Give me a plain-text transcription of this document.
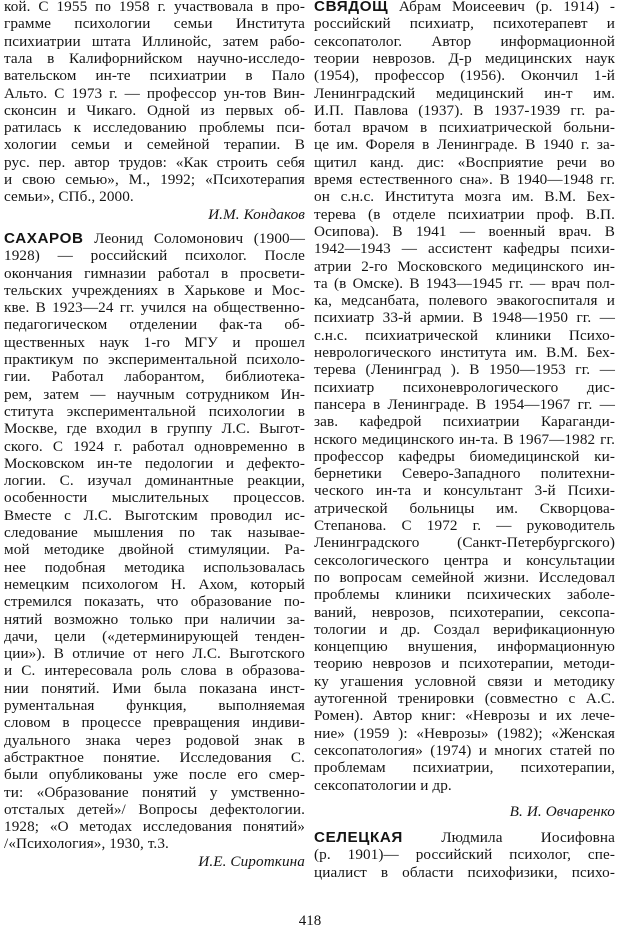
кой. С 1955 по 1958 г. участвовала в про-
грамме психологии семьи Института
психиатрии штата Иллинойс, затем рабо-
тала в Калифорнийском научно-исследо-
вательском ин-те психиатрии в Пало
Альто. С 1973 г. — профессор ун-тов Вин-
сконсин и Чикаго. Одной из первых об-
ратилась к исследованию проблемы пси-
хологии семьи и семейной терапии. В
рус. пер. автор трудов: «Как строить себя
и свою семью», М., 1992; «Психотерапия
семьи», СПб., 2000.
И.М. Кондаков
САХАРОВ Леонид Соломонович (1900—
1928) — российский психолог. После
окончания гимназии работал в просвети-
тельских учреждениях в Харькове и Мос-
кве. В 1923—24 гг. учился на общественно-
педагогическом отделении фак-та об-
щественных наук 1-го МГУ и прошел
практикум по экспериментальной психоло-
гии. Работал лаборантом, библиотека-
рем, затем — научным сотрудником Ин-
ститута экспериментальной психологии в
Москве, где входил в группу Л.С. Выгот-
ского. С 1924 г. работал одновременно в
Московском ин-те педологии и дефекто-
логии. С. изучал доминантные реакции,
особенности мыслительных процессов.
Вместе с Л.С. Выготским проводил ис-
следование мышления по так называе-
мой методике двойной стимуляции. Ра-
нее подобная методика использовалась
немецким психологом Н. Ахом, который
стремился показать, что образование по-
нятий возможно только при наличии за-
дачи, цели («детерминирующей тенден-
ции»). В отличие от него Л.С. Выготского
и С. интересовала роль слова в образова-
нии понятий. Ими была показана инст-
рументальная функция, выполняемая
словом в процессе превращения индиви-
дуального знака через родовой знак в
абстрактное понятие. Исследования С.
были опубликованы уже после его смер-
ти: «Образование понятий у умственно-
отсталых детей»/ Вопросы дефектологии.
1928; «О методах исследования понятий»
/«Психология», 1930, т.3.
И.Е. Сироткина
СВЯДОЩ Абрам Моисеевич (р. 1914) -
российский психиатр, психотерапевт и
сексопатолог. Автор информационной
теории неврозов. Д-р медицинских наук
(1954), профессор (1956). Окончил 1-й
Ленинградский медицинский ин-т им.
И.П. Павлова (1937). В 1937-1939 гг. ра-
ботал врачом в психиатрической больни-
це им. Фореля в Ленинграде. В 1940 г. за-
щитил канд. дис: «Восприятие речи во
время естественного сна». В 1940—1948 гг.
он с.н.с. Института мозга им. В.М. Бех-
терева (в отделе психиатрии проф. В.П.
Осипова). В 1941 — военный врач. В
1942—1943 — ассистент кафедры психи-
атрии 2-го Московского медицинского ин-
та (в Омске). В 1943—1945 гг. — врач пол-
ка, медсанбата, полевого эвакогоспиталя и
психиатр 33-й армии. В 1948—1950 гг. —
с.н.с. психиатрической клиники Психо-
неврологического института им. В.М. Бех-
терева (Ленинград ). В 1950—1953 гг. —
психиатр психоневрологического дис-
пансера в Ленинграде. В 1954—1967 гг. —
зав. кафедрой психиатрии Караганди-
нского медицинского ин-та. В 1967—1982 гг.
профессор кафедры биомедицинской ки-
бернетики Северо-Западного политехни-
ческого ин-та и консультант 3-й Психи-
атрической больницы им. Скворцова-
Степанова. С 1972 г. — руководитель
Ленинградского (Санкт-Петербургского)
сексологического центра и консультации
по вопросам семейной жизни. Исследовал
проблемы клиники психических заболе-
ваний, неврозов, психотерапии, сексопа-
тологии и др. Создал верификационную
концепцию внушения, информационную
теорию неврозов и психотерапии, методи-
ку угашения условной связи и методику
аутогенной тренировки (совместно с А.С.
Ромен). Автор книг: «Неврозы и их лече-
ние» (1959 ): «Неврозы» (1982); «Женская
сексопатология» (1974) и многих статей по
проблемам психиатрии, психотерапии,
сексопатологии и др.
В. И. Овчаренко
СЕЛЕЦКАЯ Людмила Иосифовна
(р. 1901)— российский психолог, спе-
циалист в области психофизики, психо-
418
